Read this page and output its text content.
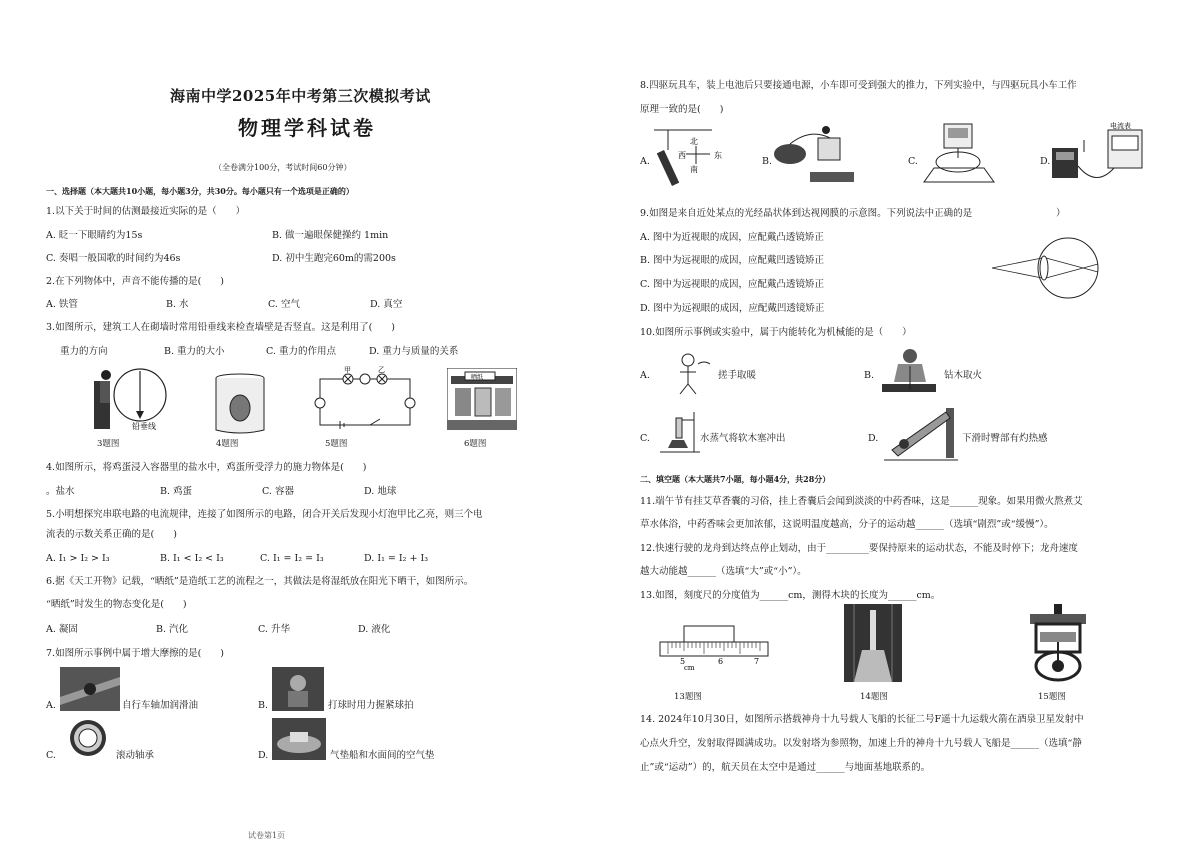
海南中学2025年中考第三次模拟考试
物理学科试卷
（全卷满分100分，考试时间60分钟）
一、选择题（本大题共10小题，每小题3分，共30分。每小题只有一个选项是正确的）
1.以下关于时间的估测最接近实际的是（　　）
A. 眨一下眼睛约为15s	B. 做一遍眼保健操约 1min
C. 奏唱一般国歌的时间约为46s	D. 初中生跑完60m的需200s
2.在下列物体中，声音不能传播的是(　　)
A. 铁管	B. 水	C. 空气	D. 真空
3.如图所示，建筑工人在砌墙时常用铅垂线来检查墙壁是否竖直。这是利用了(　　)
重力的方向	B. 重力的大小	C. 重力的作用点	D. 重力与质量的关系
铅垂线
甲	乙
晒纸
3题图	4题图	5题图	6题图
4.如图所示，将鸡蛋浸入容器里的盐水中，鸡蛋所受浮力的施力物体是(　　)
。盐水	B. 鸡蛋	C. 容器	D. 地球
5.小明想探究串联电路的电流规律，连接了如图所示的电路，闭合开关后发现小灯泡甲比乙亮，则三个电
流表的示数关系正确的是(　　)
A. I₁ > I₂ > I₃	B. I₁ < I₂ < I₃	C. I₁ = I₂ = I₃	D. I₁ = I₂ + I₃
6.据《天工开物》记载，“晒纸”是造纸工艺的流程之一，其做法是将湿纸放在阳光下晒干，如图所示。
“晒纸”时发生的物态变化是(　　)
A. 凝固	B. 汽化	C. 升华	D. 液化
7.如图所示事例中属于增大摩擦的是(　　)
A.	自行车轴加润滑油	B.	打球时用力握紧球拍
C.	滚动轴承	D.	气垫船和水面间的空气垫
试卷第1页
8.四驱玩具车，装上电池后只要接通电源，小车即可受到强大的推力，下列实验中，与四驱玩具小车工作
原理一致的是(　　)
A.
北
南
西	东
B.	C.	D.
电流表
9.如图是来自近处某点的光经晶状体到达视网膜的示意图。下列说法中正确的是	）
A. 图中为近视眼的成因，应配戴凸透镜矫正
B. 图中为远视眼的成因，应配戴凹透镜矫正
C. 图中为远视眼的成因，应配戴凸透镜矫正
D. 图中为远视眼的成因，应配戴凹透镜矫正
10.如图所示事例或实验中，属于内能转化为机械能的是（　　）
A.	搓手取暖	B.	钻木取火
C.	水蒸气将软木塞冲出	D.	下滑时臀部有灼热感
二、填空题（本大题共7小题，每小题4分，共28分）
11.端午节有挂艾草香囊的习俗，挂上香囊后会闻到淡淡的中药香味，这是______现象。如果用微火熬煮艾
草水体浴，中药香味会更加浓郁，这说明温度越高，分子的运动越______（选填“剧烈”或“缓慢”）。
12.快速行驶的龙舟到达终点停止划动，由于_________要保持原来的运动状态，不能及时停下；龙舟速度
越大动能越______（选填“大”或“小”）。
13.如图，刻度尺的分度值为______cm，测得木块的长度为______cm。
5
cm
6	7
13题图	14题图	15题图
14. 2024年10月30日，如图所示搭载神舟十九号载人飞船的长征二号F遥十九运载火箭在酒泉卫星发射中
心点火升空，发射取得圆满成功。以发射塔为参照物，加速上升的神舟十九号载人飞船是______（选填“静
止”或“运动”）的，航天员在太空中是通过______与地面基地联系的。
